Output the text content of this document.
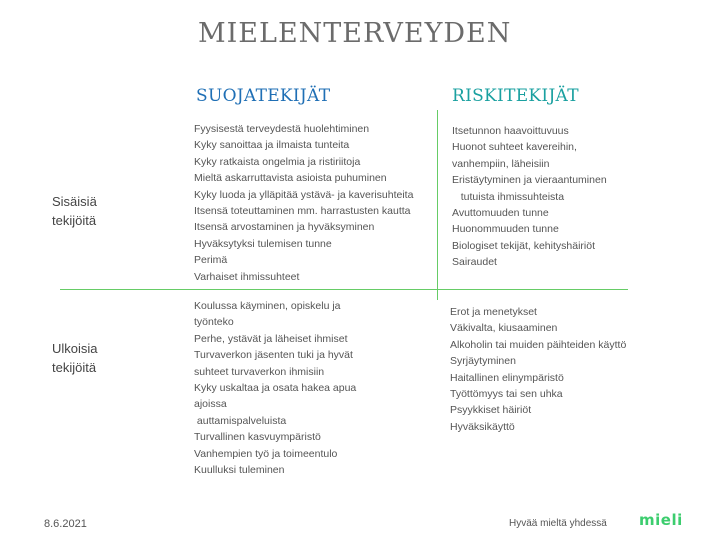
MIELENTERVEYDEN
SUOJATEKIJÄT	RISKITEKIJÄT
Sisäisiä
tekijöitä
Ulkoisia
tekijöitä
Fyysisestä terveydestä huolehtiminen
Kyky sanoittaa ja ilmaista tunteita
Kyky ratkaista ongelmia ja ristiriitoja
Mieltä askarruttavista asioista puhuminen
Kyky luoda ja ylläpitää ystävä- ja kaverisuhteita
Itsensä toteuttaminen mm. harrastusten kautta
Itsensä arvostaminen ja hyväksyminen
Hyväksytyksi tulemisen tunne
Perimä
Varhaiset ihmissuhteet
Itsetunnon haavoittuvuus
Huonot suhteet kavereihin,
vanhempiin, läheisiin
Eristäytyminen ja vieraantuminen
tutuista ihmissuhteista
Avuttomuuden tunne
Huonommuuden tunne
Biologiset tekijät, kehityshäiriöt
Sairaudet
Koulussa käyminen, opiskelu ja
työnteko
Perhe, ystävät ja läheiset ihmiset
Turvaverkon jäsenten tuki ja hyvät
suhteet turvaverkon ihmisiin
Kyky uskaltaa ja osata hakea apua
ajoissa
auttamispalveluista
Turvallinen kasvuympäristö
Vanhempien työ ja toimeentulo
Kuulluksi tuleminen
Erot ja menetykset
Väkivalta, kiusaaminen
Alkoholin tai muiden päihteiden käyttö
Syrjäytyminen
Haitallinen elinympäristö
Työttömyys tai sen uhka
Psyykkiset häiriöt
Hyväksikäyttö
8.6.2021	Hyvää mieltä yhdessä mieli
